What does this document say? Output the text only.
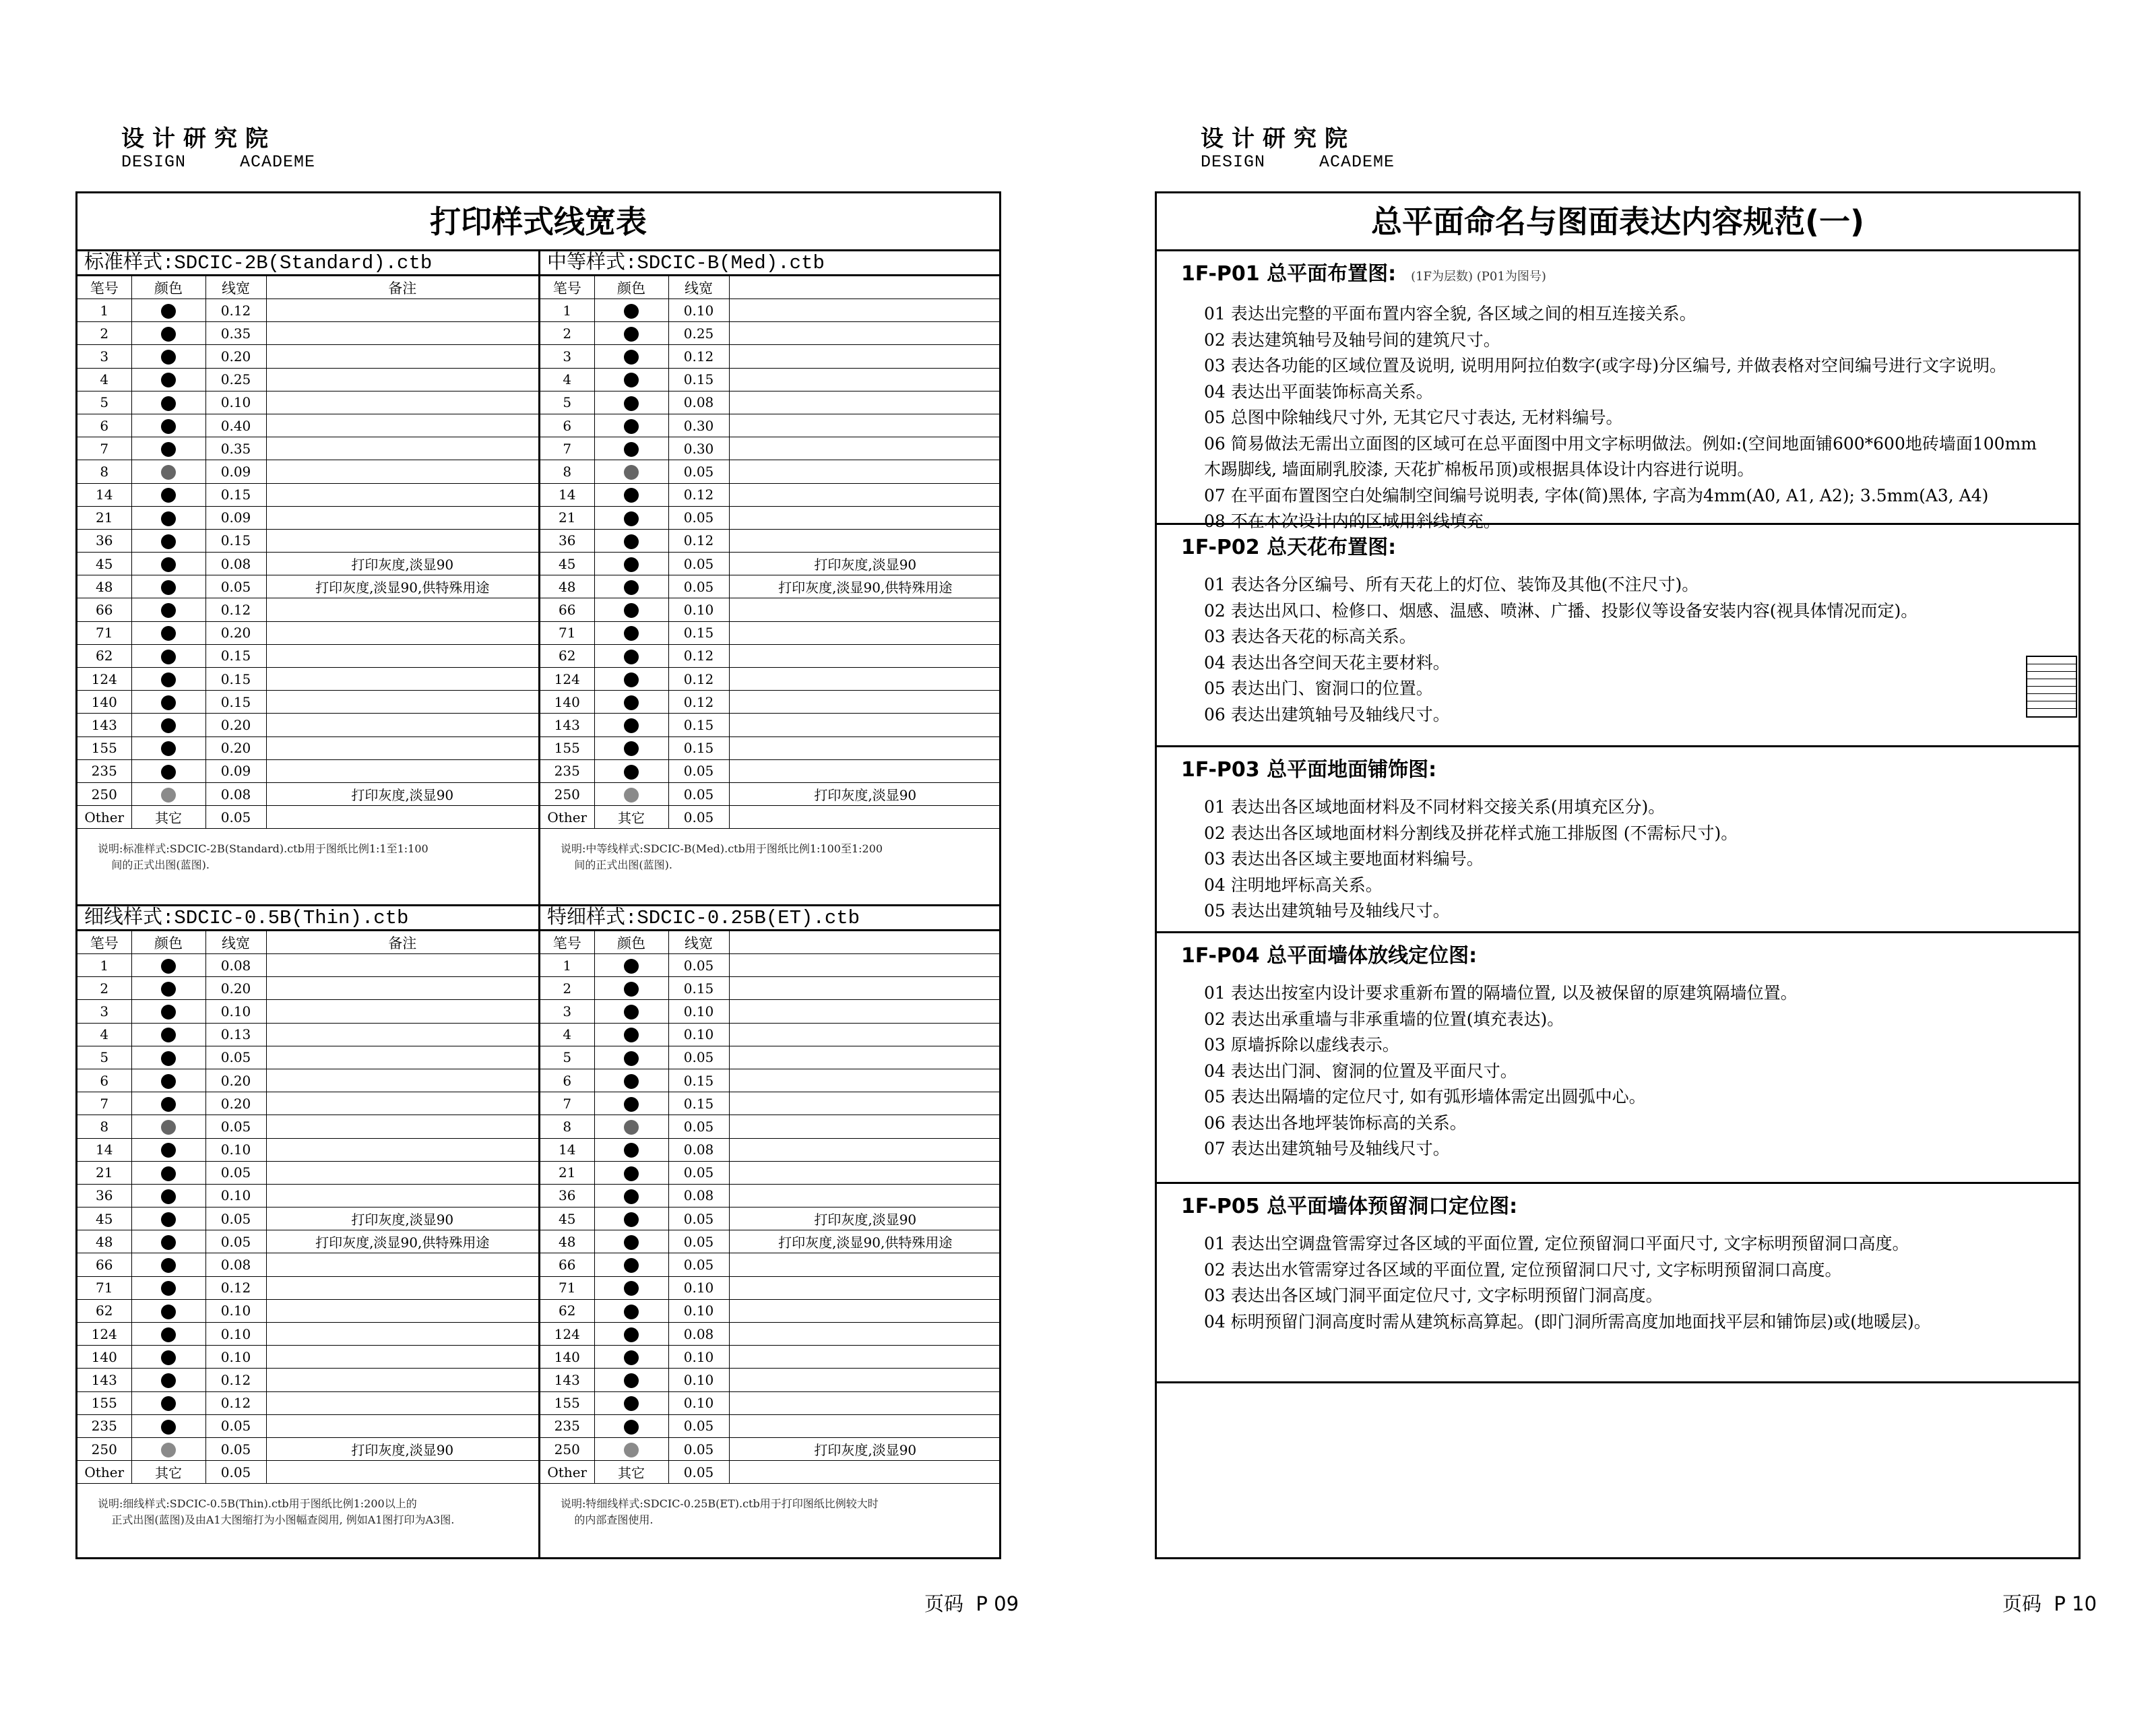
设计研究院
DESIGN     ACADEME
打印样式线宽表
标准样式:SDCIC-2B(Standard).ctb
笔号	颜色	线宽	备注
1		0.12	
2		0.35	
3		0.20	
4		0.25	
5		0.10	
6		0.40	
7		0.35	
8		0.09	
14		0.15	
21		0.09	
36		0.15	
45		0.08	打印灰度,淡显90
48		0.05	打印灰度,淡显90,供特殊用途
66		0.12	
71		0.20	
62		0.15	
124		0.15	
140		0.15	
143		0.20	
155		0.20	
235		0.09	
250		0.08	打印灰度,淡显90
Other	其它	0.05	
说明:标准样式:SDCIC-2B(Standard).ctb用于图纸比例1:1至1:100
间的正式出图(蓝图).
中等样式:SDCIC-B(Med).ctb
笔号	颜色	线宽	
1		0.10	
2		0.25	
3		0.12	
4		0.15	
5		0.08	
6		0.30	
7		0.30	
8		0.05	
14		0.12	
21		0.05	
36		0.12	
45		0.05	打印灰度,淡显90
48		0.05	打印灰度,淡显90,供特殊用途
66		0.10	
71		0.15	
62		0.12	
124		0.12	
140		0.12	
143		0.15	
155		0.15	
235		0.05	
250		0.05	打印灰度,淡显90
Other	其它	0.05	
说明:中等线样式:SDCIC-B(Med).ctb用于图纸比例1:100至1:200
间的正式出图(蓝图).
细线样式:SDCIC-0.5B(Thin).ctb
笔号	颜色	线宽	备注
1		0.08	
2		0.20	
3		0.10	
4		0.13	
5		0.05	
6		0.20	
7		0.20	
8		0.05	
14		0.10	
21		0.05	
36		0.10	
45		0.05	打印灰度,淡显90
48		0.05	打印灰度,淡显90,供特殊用途
66		0.08	
71		0.12	
62		0.10	
124		0.10	
140		0.10	
143		0.12	
155		0.12	
235		0.05	
250		0.05	打印灰度,淡显90
Other	其它	0.05	
说明:细线样式:SDCIC-0.5B(Thin).ctb用于图纸比例1:200以上的
正式出图(蓝图)及由A1大图缩打为小图幅查阅用, 例如A1图打印为A3图.
特细样式:SDCIC-0.25B(ET).ctb
笔号	颜色	线宽	
1		0.05	
2		0.15	
3		0.10	
4		0.10	
5		0.05	
6		0.15	
7		0.15	
8		0.05	
14		0.08	
21		0.05	
36		0.08	
45		0.05	打印灰度,淡显90
48		0.05	打印灰度,淡显90,供特殊用途
66		0.05	
71		0.10	
62		0.10	
124		0.08	
140		0.10	
143		0.10	
155		0.10	
235		0.05	
250		0.05	打印灰度,淡显90
Other	其它	0.05	
说明:特细线样式:SDCIC-0.25B(ET).ctb用于打印图纸比例较大时
的内部查图使用.
页码  P 09
设计研究院
DESIGN     ACADEME
总平面命名与图面表达内容规范(一)
1F-P01 总平面布置图: (1F为层数) (P01为图号)
01 表达出完整的平面布置内容全貌, 各区域之间的相互连接关系。
02 表达建筑轴号及轴号间的建筑尺寸。
03 表达各功能的区域位置及说明, 说明用阿拉伯数字(或字母)分区编号, 并做表格对空间编号进行文字说明。
04 表达出平面装饰标高关系。
05 总图中除轴线尺寸外, 无其它尺寸表达, 无材料编号。
06 简易做法无需出立面图的区域可在总平面图中用文字标明做法。例如:(空间地面铺600*600地砖墙面100mm
木踢脚线, 墙面刷乳胶漆, 天花扩棉板吊顶)或根据具体设计内容进行说明。
07 在平面布置图空白处编制空间编号说明表, 字体(简)黑体, 字高为4mm(A0, A1, A2); 3.5mm(A3, A4)
08 不在本次设计内的区域用斜线填充。
1F-P02 总天花布置图:
01 表达各分区编号、所有天花上的灯位、装饰及其他(不注尺寸)。
02 表达出风口、检修口、烟感、温感、喷淋、广播、投影仪等设备安装内容(视具体情况而定)。
03 表达各天花的标高关系。
04 表达出各空间天花主要材料。
05 表达出门、窗洞口的位置。
06 表达出建筑轴号及轴线尺寸。
1F-P03 总平面地面铺饰图:
01 表达出各区域地面材料及不同材料交接关系(用填充区分)。
02 表达出各区域地面材料分割线及拼花样式施工排版图 (不需标尺寸)。
03 表达出各区域主要地面材料编号。
04 注明地坪标高关系。
05 表达出建筑轴号及轴线尺寸。
1F-P04 总平面墙体放线定位图:
01 表达出按室内设计要求重新布置的隔墙位置, 以及被保留的原建筑隔墙位置。
02 表达出承重墙与非承重墙的位置(填充表达)。
03 原墙拆除以虚线表示。
04 表达出门洞、窗洞的位置及平面尺寸。
05 表达出隔墙的定位尺寸, 如有弧形墙体需定出圆弧中心。
06 表达出各地坪装饰标高的关系。
07 表达出建筑轴号及轴线尺寸。
1F-P05 总平面墙体预留洞口定位图:
01 表达出空调盘管需穿过各区域的平面位置, 定位预留洞口平面尺寸, 文字标明预留洞口高度。
02 表达出水管需穿过各区域的平面位置, 定位预留洞口尺寸, 文字标明预留洞口高度。
03 表达出各区域门洞平面定位尺寸, 文字标明预留门洞高度。
04 标明预留门洞高度时需从建筑标高算起。(即门洞所需高度加地面找平层和铺饰层)或(地暖层)。
页码  P 10
